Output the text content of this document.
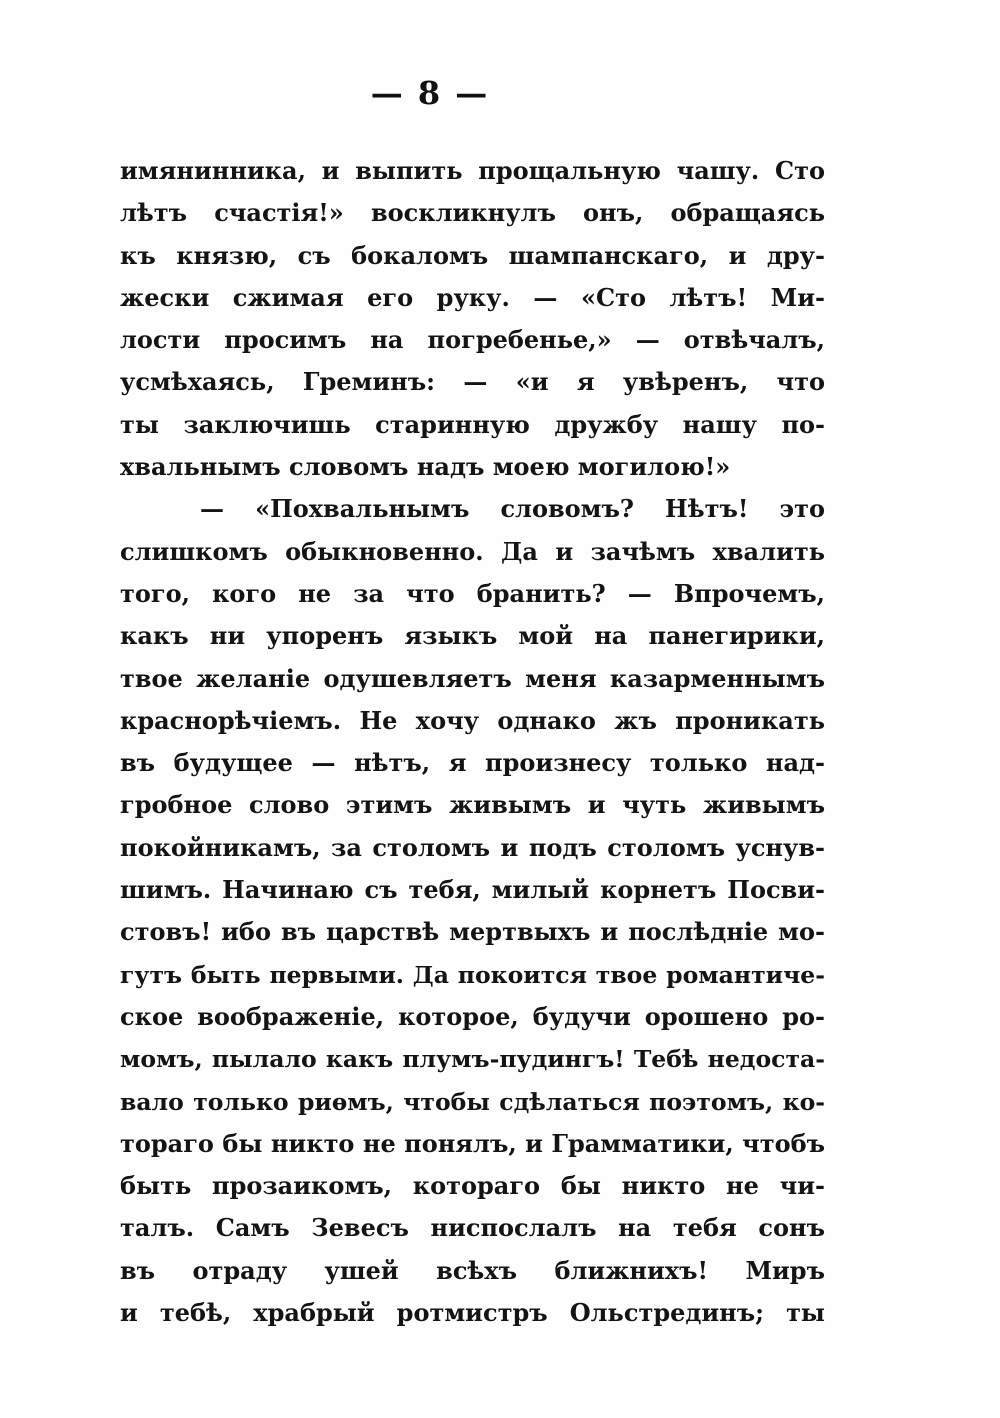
— 8 —
имянинника, и выпить прощальную чашу. Сто
лѣтъ счастія!» воскликнулъ онъ, обращаясь
къ князю, съ бокаломъ шампанскаго, и дру-
жески сжимая его руку. — «Сто лѣтъ! Ми-
лости просимъ на погребенье,» — отвѣчалъ,
усмѣхаясь, Греминъ: — «и я увѣренъ, что
ты заключишь старинную дружбу нашу по-
хвальнымъ словомъ надъ моею могилою!»
— «Похвальнымъ словомъ? Нѣтъ! это
слишкомъ обыкновенно. Да и зачѣмъ хвалить
того, кого не за что бранить? — Впрочемъ,
какъ ни упоренъ языкъ мой на панегирики,
твое желаніе одушевляетъ меня казарменнымъ
краснорѣчіемъ. Не хочу однако жъ проникать
въ будущее — нѣтъ, я произнесу только над-
гробное слово этимъ живымъ и чуть живымъ
покойникамъ, за столомъ и подъ столомъ уснув-
шимъ. Начинаю съ тебя, милый корнетъ Посви-
стовъ! ибо въ царствѣ мертвыхъ и послѣдніе мо-
гутъ быть первыми. Да покоится твое романтиче-
ское воображеніе, которое, будучи орошено ро-
момъ, пылало какъ плумъ-пудингъ! Тебѣ недоста-
вало только риѳмъ, чтобы сдѣлаться поэтомъ, ко-
тораго бы никто не понялъ, и Грамматики, чтобъ
быть прозаикомъ, котораго бы никто не чи-
талъ. Самъ Зевесъ ниспослалъ на тебя сонъ
въ отраду ушей всѣхъ ближнихъ! Миръ
и тебѣ, храбрый ротмистръ Ольстрединъ; ты
